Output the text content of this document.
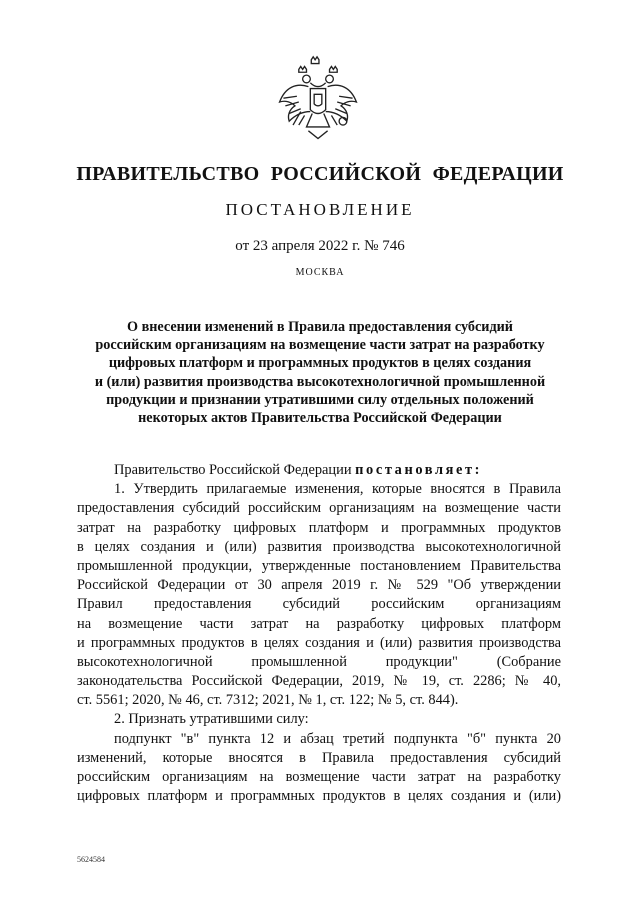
ПРАВИТЕЛЬСТВО РОССИЙСКОЙ ФЕДЕРАЦИИ
ПОСТАНОВЛЕНИЕ
от 23 апреля 2022 г. № 746
МОСКВА
О внесении изменений в Правила предоставления субсидий
российским организациям на возмещение части затрат на разработку
цифровых платформ и программных продуктов в целях создания
и (или) развития производства высокотехнологичной промышленной
продукции и признании утратившими силу отдельных положений
некоторых актов Правительства Российской Федерации
Правительство Российской Федерации постановляет:
1. Утвердить прилагаемые изменения, которые вносятся в Правила
предоставления субсидий российским организациям на возмещение части
затрат на разработку цифровых платформ и программных продуктов
в целях создания и (или) развития производства высокотехнологичной
промышленной продукции, утвержденные постановлением Правительства
Российской Федерации от 30 апреля 2019 г. № 529 "Об утверждении
Правил предоставления субсидий российским организациям
на возмещение части затрат на разработку цифровых платформ
и программных продуктов в целях создания и (или) развития производства
высокотехнологичной промышленной продукции" (Собрание
законодательства Российской Федерации, 2019, № 19, ст. 2286; № 40,
ст. 5561; 2020, № 46, ст. 7312; 2021, № 1, ст. 122; № 5, ст. 844).
2. Признать утратившими силу:
подпункт "в" пункта 12 и абзац третий подпункта "б" пункта 20
изменений, которые вносятся в Правила предоставления субсидий
российским организациям на возмещение части затрат на разработку
цифровых платформ и программных продуктов в целях создания и (или)
5624584
